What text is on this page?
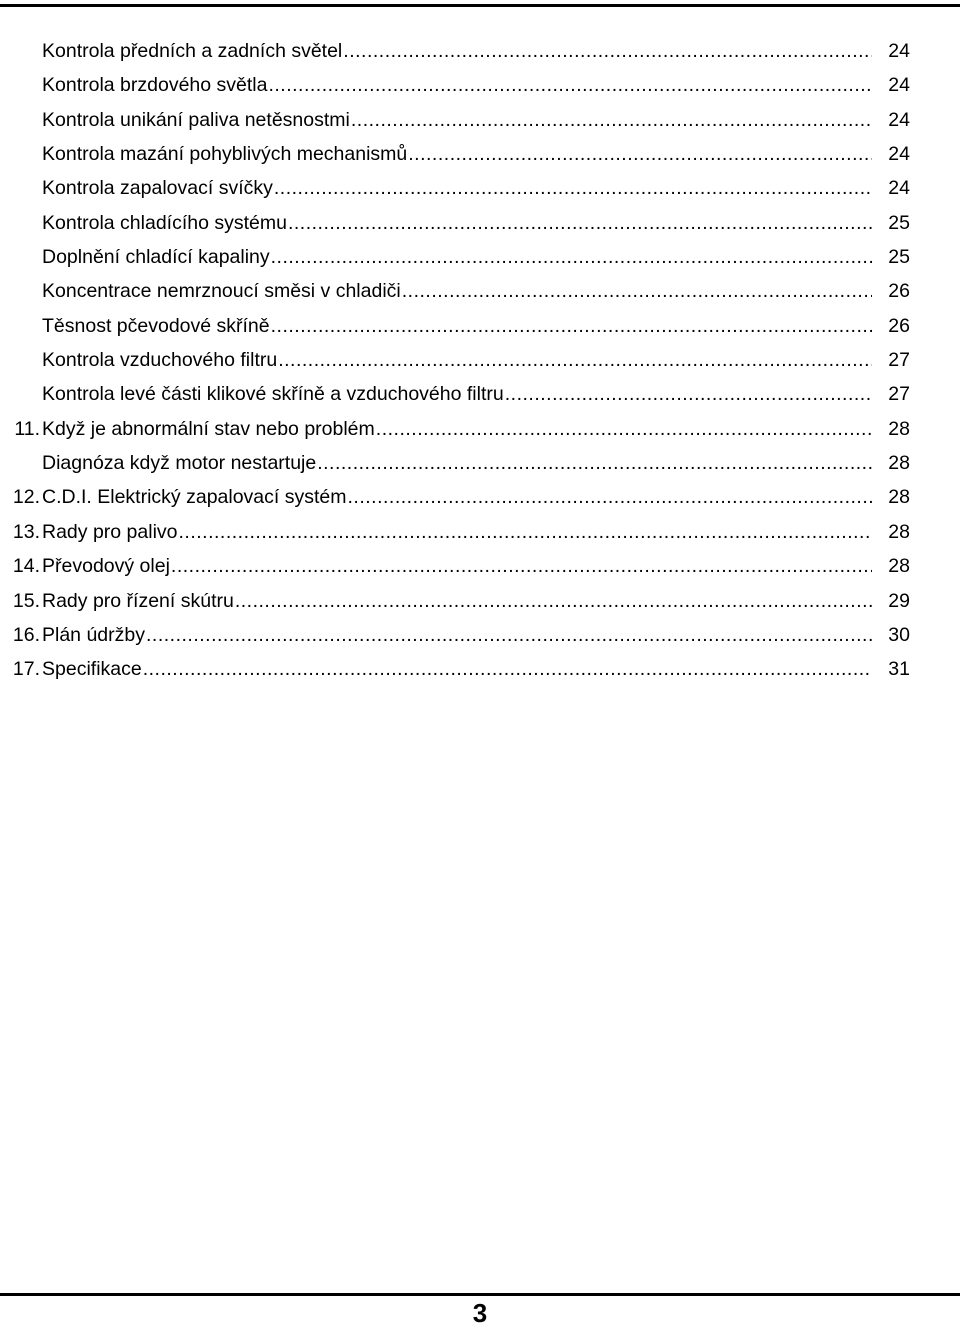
Kontrola předních a zadních světel .....	24
Kontrola brzdového světla .....	24
Kontrola unikání paliva netěsnostmi .....	24
Kontrola mazání pohyblivých mechanismů .....	24
Kontrola zapalovací svíčky .....	24
Kontrola chladícího systému .....	25
Doplnění chladící kapaliny .....	25
Koncentrace nemrznoucí směsi v chladiči .....	26
Těsnost pčevodové skříně .....	26
Kontrola vzduchového filtru .....	27
Kontrola levé části klikové skříně a vzduchového filtru .....	27
11. Když je abnormální stav nebo problém .....	28
Diagnóza když motor nestartuje .....	28
12. C.D.I. Elektrický zapalovací systém .....	28
13. Rady pro palivo .....	28
14. Převodový olej .....	28
15. Rady pro řízení skútru .....	29
16. Plán údržby .....	30
17. Specifikace .....	31
3
